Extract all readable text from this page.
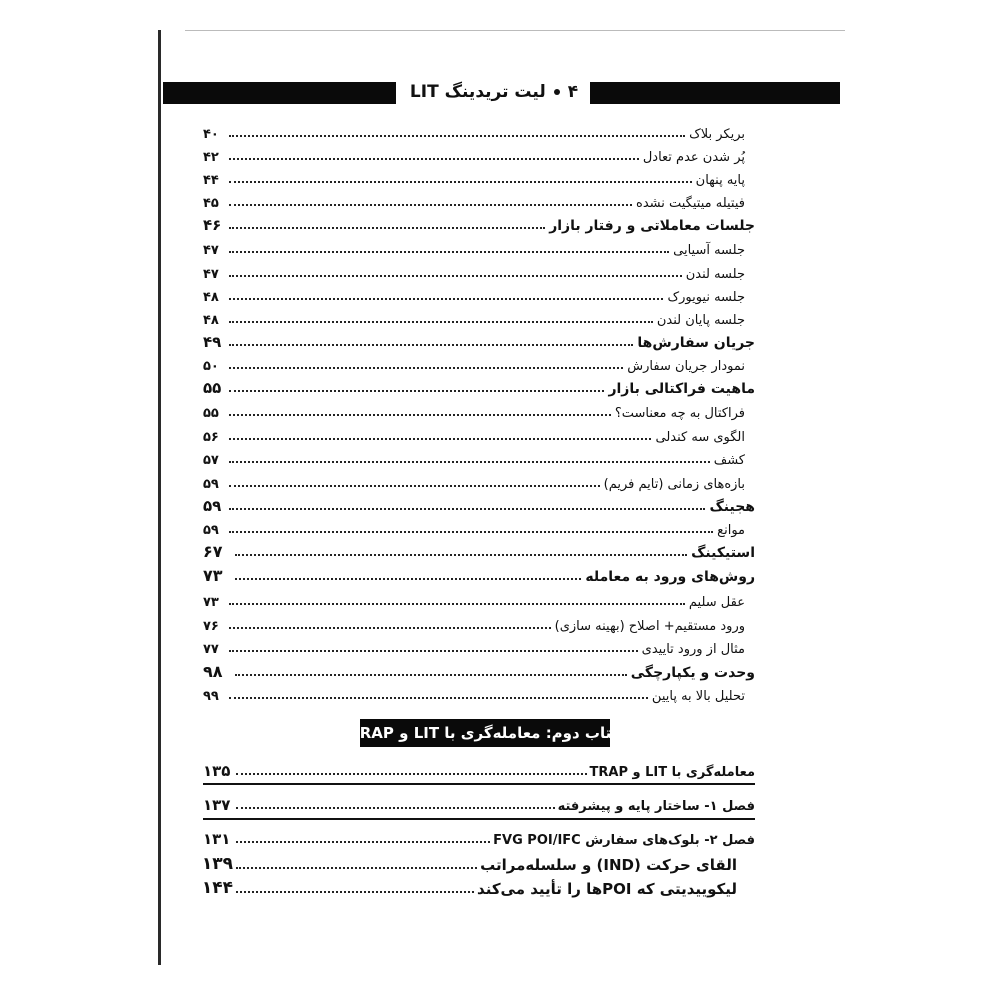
۴
لیت تریدینگ LIT
بریکر بلاک
۴۰
پُر شدن عدم تعادل
۴۲
پایه پنهان
۴۴
فیتیله میتیگیت نشده
۴۵
جلسات معاملاتی و رفتار بازار
۴۶
جلسه آسیایی
۴۷
جلسه لندن
۴۷
جلسه نیویورک
۴۸
جلسه پایان لندن
۴۸
جریان سفارش‌ها
۴۹
نمودار جریان سفارش
۵۰
ماهیت فراکتالی بازار
۵۵
فراکتال به چه معناست؟
۵۵
الگوی سه کندلی
۵۶
کشف
۵۷
بازه‌های زمانی (تایم فریم)
۵۹
هجینگ
۵۹
موانع
۵۹
استیکینگ
۶۷
روش‌های ورود به معامله
۷۳
عقل سلیم
۷۳
ورود مستقیم+ اصلاح (بهینه سازی)
۷۶
مثال از ورود تاییدی
۷۷
وحدت و یکپارچگی
۹۸
تحلیل بالا به پایین
۹۹
کتاب دوم: معامله‌گری با LIT و TRAP
معامله‌گری با LIT و TRAP
۱۳۵
فصل ۱- ساختار پایه و پیشرفته
۱۳۷
فصل ۲- بلوک‌های سفارش FVG POI/IFC
۱۳۱
القای حرکت (IND) و سلسله‌مراتب
۱۳۹
لیکوییدیتی که POIها را تأیید می‌کند
۱۴۴
